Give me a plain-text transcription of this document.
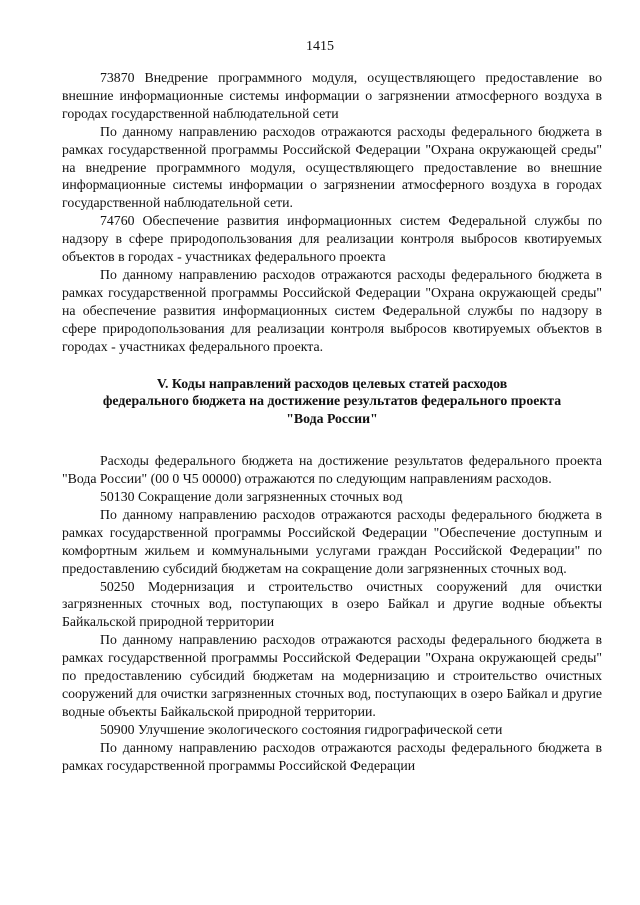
1415

73870 Внедрение программного модуля, осуществляющего предоставление во внешние информационные системы информации о загрязнении атмосферного воздуха в городах государственной наблюдательной сети

По данному направлению расходов отражаются расходы федерального бюджета в рамках государственной программы Российской Федерации "Охрана окружающей среды" на внедрение программного модуля, осуществляющего предоставление во внешние информационные системы информации о загрязнении атмосферного воздуха в городах государственной наблюдательной сети.

74760 Обеспечение развития информационных систем Федеральной службы по надзору в сфере природопользования для реализации контроля выбросов квотируемых объектов в городах - участниках федерального проекта

По данному направлению расходов отражаются расходы федерального бюджета в рамках государственной программы Российской Федерации "Охрана окружающей среды" на обеспечение развития информационных систем Федеральной службы по надзору в сфере природопользования для реализации контроля выбросов квотируемых объектов в городах - участниках федерального проекта.

V. Коды направлений расходов целевых статей расходов
федерального бюджета на достижение результатов федерального проекта
"Вода России"

Расходы федерального бюджета на достижение результатов федерального проекта "Вода России" (00 0 Ч5 00000) отражаются по следующим направлениям расходов.

50130 Сокращение доли загрязненных сточных вод

По данному направлению расходов отражаются расходы федерального бюджета в рамках государственной программы Российской Федерации "Обеспечение доступным и комфортным жильем и коммунальными услугами граждан Российской Федерации" по предоставлению субсидий бюджетам на сокращение доли загрязненных сточных вод.

50250 Модернизация и строительство очистных сооружений для очистки загрязненных сточных вод, поступающих в озеро Байкал и другие водные объекты Байкальской природной территории

По данному направлению расходов отражаются расходы федерального бюджета в рамках государственной программы Российской Федерации "Охрана окружающей среды" по предоставлению субсидий бюджетам на модернизацию и строительство очистных сооружений для очистки загрязненных сточных вод, поступающих в озеро Байкал и другие водные объекты Байкальской природной территории.

50900 Улучшение экологического состояния гидрографической сети

По данному направлению расходов отражаются расходы федерального бюджета в рамках государственной программы Российской Федерации
